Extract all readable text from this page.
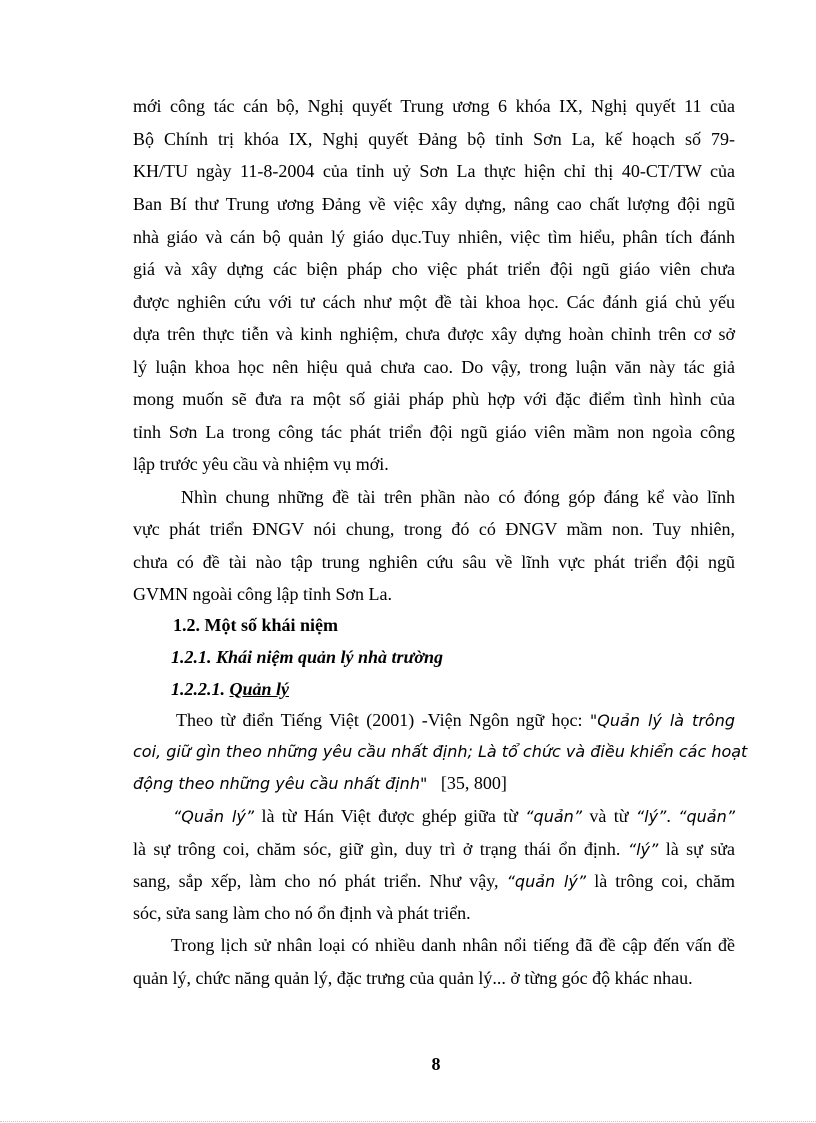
mới công tác cán bộ, Nghị quyết Trung ương 6 khóa IX, Nghị quyết 11 của
Bộ Chính trị khóa IX, Nghị quyết Đảng bộ tỉnh Sơn La, kế hoạch số 79-
KH/TU ngày 11-8-2004 của tỉnh uỷ Sơn La thực hiện chỉ thị 40-CT/TW của
Ban Bí thư Trung ương Đảng về việc xây dựng, nâng cao chất lượng đội ngũ
nhà giáo và cán bộ quản lý giáo dục.Tuy nhiên, việc tìm hiểu, phân tích đánh
giá và xây dựng các biện pháp cho việc phát triển đội ngũ giáo viên chưa
được nghiên cứu với tư cách như một đề tài khoa học. Các đánh giá chủ yếu
dựa trên thực tiễn và kinh nghiệm, chưa được xây dựng hoàn chỉnh trên cơ sở
lý luận khoa học nên hiệu quả chưa cao. Do vậy, trong luận văn này tác giả
mong muốn sẽ đưa ra một số giải pháp phù hợp với đặc điểm tình hình của
tỉnh Sơn La trong công tác phát triển đội ngũ giáo viên mầm non ngoìa công
lập trước yêu cầu và nhiệm vụ mới.
Nhìn chung những đề tài trên phần nào có đóng góp đáng kể vào lĩnh
vực phát triển ĐNGV nói chung, trong đó có ĐNGV mầm non. Tuy nhiên,
chưa có đề tài nào tập trung nghiên cứu sâu về lĩnh vực phát triển đội ngũ
GVMN ngoài công lập tỉnh Sơn La.
1.2. Một số khái niệm
1.2.1. Khái niệm quản lý nhà trường
1.2.2.1. Quản lý
Theo từ điển Tiếng Việt (2001) -Viện Ngôn ngữ học: "Quản lý là trông
coi, giữ gìn theo những yêu cầu nhất định; Là tổ chức và điều khiển các hoạt
động theo những yêu cầu nhất định" [35, 800]
“Quản lý” là từ Hán Việt được ghép giữa từ “quản” và từ “lý”. “quản”
là sự trông coi, chăm sóc, giữ gìn, duy trì ở trạng thái ổn định. “lý” là sự sửa
sang, sắp xếp, làm cho nó phát triển. Như vậy, “quản lý” là trông coi, chăm
sóc, sửa sang làm cho nó ổn định và phát triển.
Trong lịch sử nhân loại có nhiều danh nhân nổi tiếng đã đề cập đến vấn đề
quản lý, chức năng quản lý, đặc trưng của quản lý... ở từng góc độ khác nhau.
8
